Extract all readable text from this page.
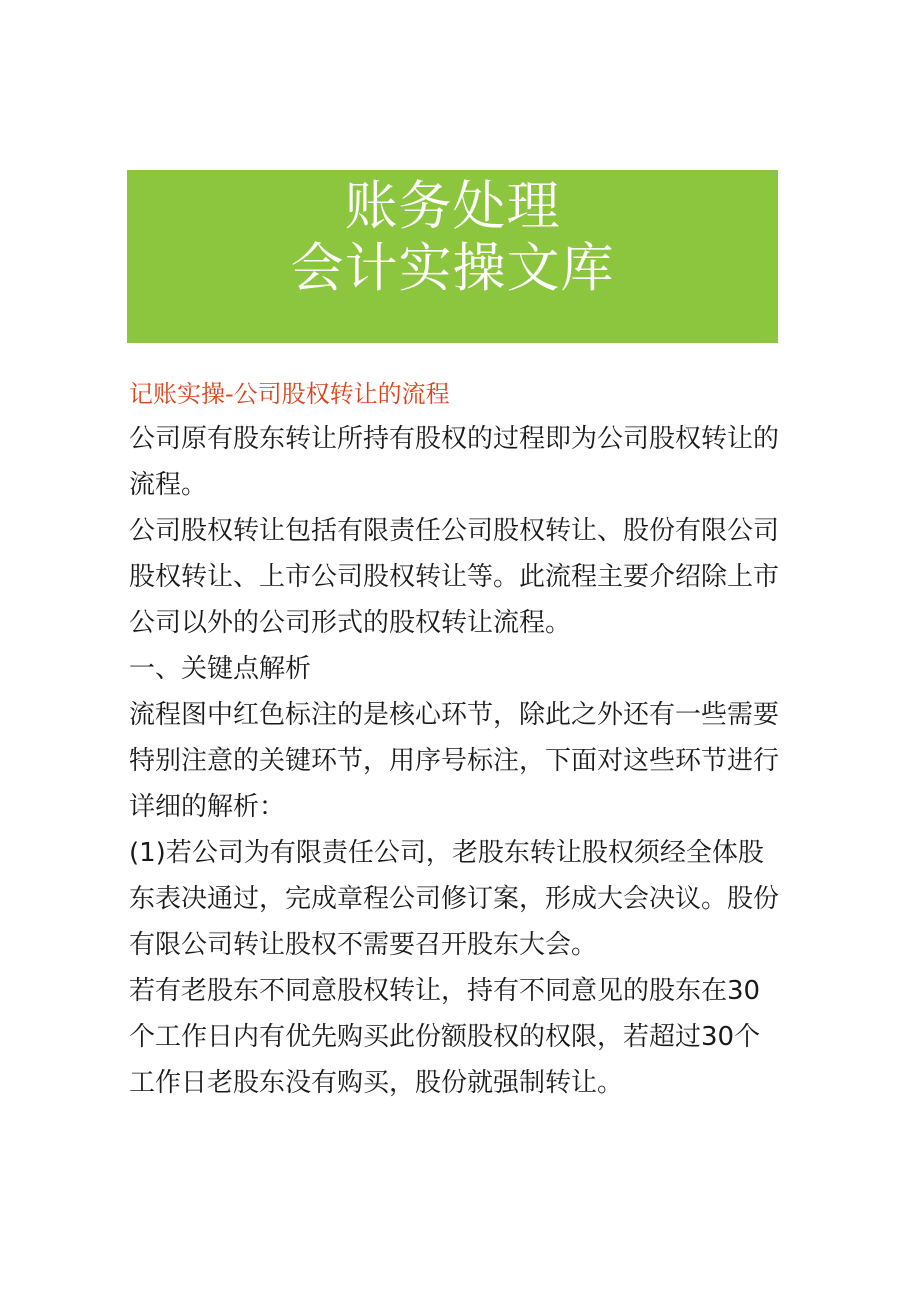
账务处理
会计实操文库

记账实操-公司股权转让的流程

公司原有股东转让所持有股权的过程即为公司股权转让的流程。

公司股权转让包括有限责任公司股权转让、股份有限公司股权转让、上市公司股权转让等。此流程主要介绍除上市公司以外的公司形式的股权转让流程。

一、关键点解析

流程图中红色标注的是核心环节，除此之外还有一些需要特别注意的关键环节，用序号标注，下面对这些环节进行详细的解析：

(1)若公司为有限责任公司，老股东转让股权须经全体股东表决通过，完成章程公司修订案，形成大会决议。股份有限公司转让股权不需要召开股东大会。

若有老股东不同意股权转让，持有不同意见的股东在30个工作日内有优先购买此份额股权的权限，若超过30个工作日老股东没有购买，股份就强制转让。
